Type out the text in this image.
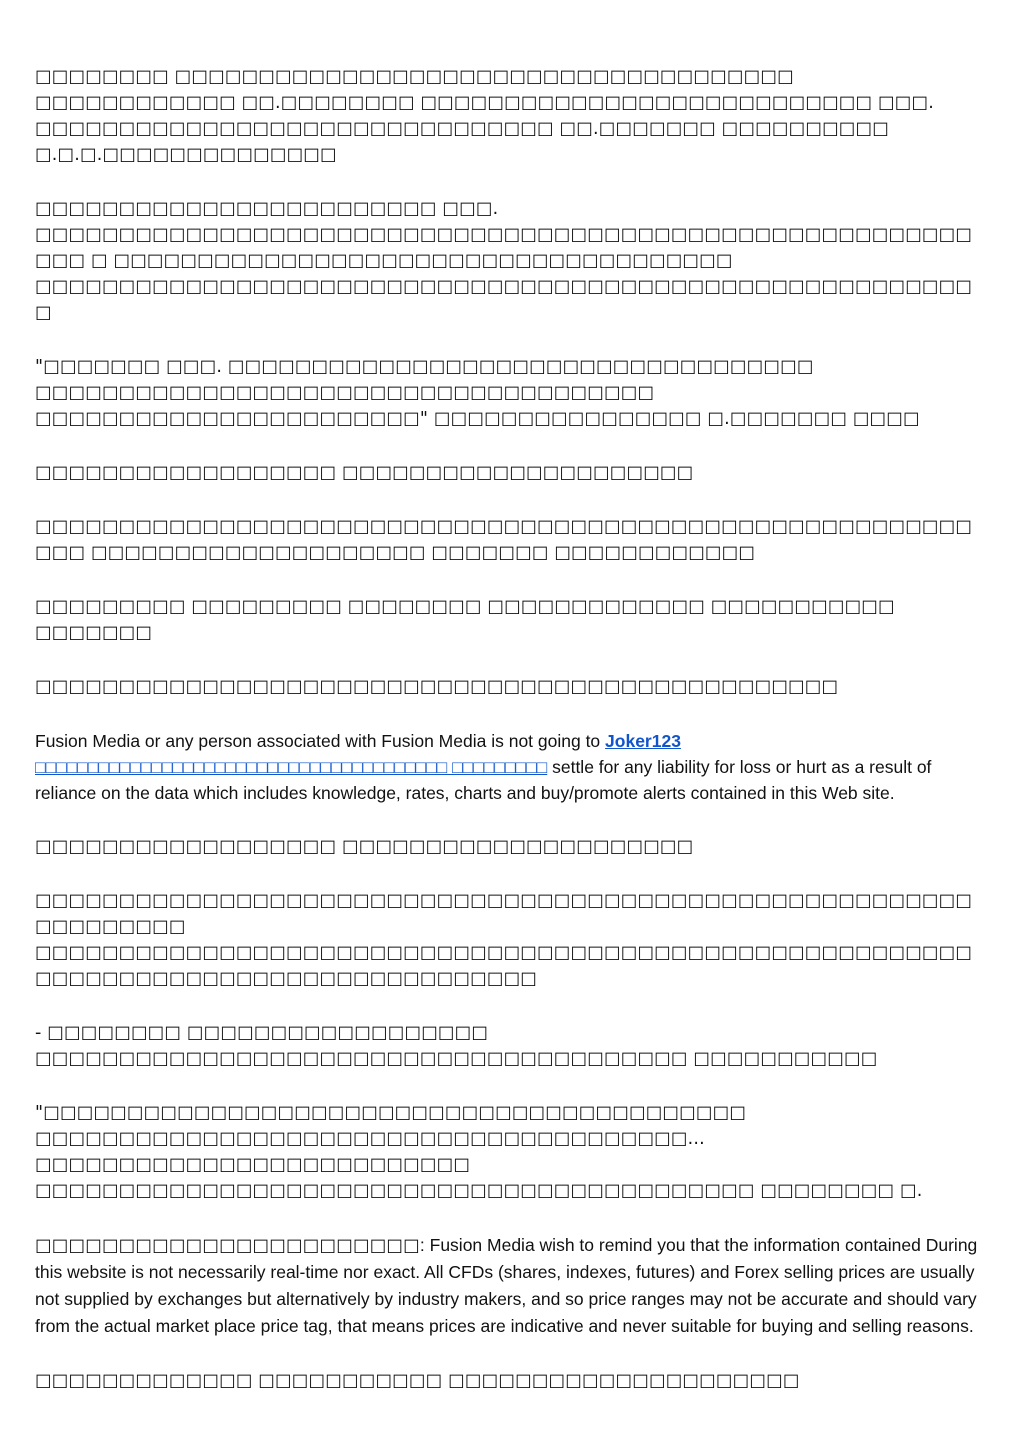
□□□□□□□□ □□□□□□□□□□□□□□□□□□□□□□□□□□□□□□□□□□□□□ □□□□□□□□□□□□ □□.□□□□□□□□ □□□□□□□□□□□□□□□□□□□□□□□□□□□ □□□. □□□□□□□□□□□□□□□□□□□□□□□□□□□□□□□ □□.□□□□□□□ □□□□□□□□□□ □.□.□.□□□□□□□□□□□□□□

□□□□□□□□□□□□□□□□□□□□□□□□ □□□. □□□□□□□□□□□□□□□□□□□□□□□□□□□□□□□□□□□□□□□□□□□□□□□□□□□□□□□□□□□ □ □□□□□□□□□□□□□□□□□□□□□□□□□□□□□□□□□□□□□ □□□□□□□□□□□□□□□□□□□□□□□□□□□□□□□□□□□□□□□□□□□□□□□□□□□□□□□□□

"□□□□□□□ □□□. □□□□□□□□□□□□□□□□□□□□□□□□□□□□□□□□□□□ □□□□□□□□□□□□□□□□□□□□□□□□□□□□□□□□□□□□□ □□□□□□□□□□□□□□□□□□□□□□□" □□□□□□□□□□□□□□□□ □.□□□□□□□ □□□□

□□□□□□□□□□□□□□□□□□ □□□□□□□□□□□□□□□□□□□□□

□□□□□□□□□□□□□□□□□□□□□□□□□□□□□□□□□□□□□□□□□□□□□□□□□□□□□□□□□□□ □□□□□□□□□□□□□□□□□□□□ □□□□□□□ □□□□□□□□□□□□

□□□□□□□□□ □□□□□□□□□ □□□□□□□□ □□□□□□□□□□□□□ □□□□□□□□□□□ □□□□□□□

□□□□□□□□□□□□□□□□□□□□□□□□□□□□□□□□□□□□□□□□□□□□□□□□

Fusion Media or any person associated with Fusion Media is not going to Joker123 □□□□□□□□□□□□□□□□□□□□□□□□□□□□□□□□□□□□□□□ □□□□□□□□□ settle for any liability for loss or hurt as a result of reliance on the data which includes knowledge, rates, charts and buy/promote alerts contained in this Web site.

□□□□□□□□□□□□□□□□□□ □□□□□□□□□□□□□□□□□□□□□

□□□□□□□□□□□□□□□□□□□□□□□□□□□□□□□□□□□□□□□□□□□□□□□□□□□□□□□□□□□□□□□□□ □□□□□□□□□□□□□□□□□□□□□□□□□□□□□□□□□□□□□□□□□□□□□□□□□□□□□□□□□□□□□□□□□□□□□□□□□□□□□□□□□□□□□□

- □□□□□□□□ □□□□□□□□□□□□□□□□□□ □□□□□□□□□□□□□□□□□□□□□□□□□□□□□□□□□□□□□□□ □□□□□□□□□□□

"□□□□□□□□□□□□□□□□□□□□□□□□□□□□□□□□□□□□□□□□□□ □□□□□□□□□□□□□□□□□□□□□□□□□□□□□□□□□□□□□□□... □□□□□□□□□□□□□□□□□□□□□□□□□□ □□□□□□□□□□□□□□□□□□□□□□□□□□□□□□□□□□□□□□□□□□□ □□□□□□□□ □.

□□□□□□□□□□□□□□□□□□□□□□□: Fusion Media wish to remind you that the information contained During this website is not necessarily real-time nor exact. All CFDs (shares, indexes, futures) and Forex selling prices are usually not supplied by exchanges but alternatively by industry makers, and so price ranges may not be accurate and should vary from the actual market place price tag, that means prices are indicative and never suitable for buying and selling reasons.

□□□□□□□□□□□□□ □□□□□□□□□□□ □□□□□□□□□□□□□□□□□□□□□
